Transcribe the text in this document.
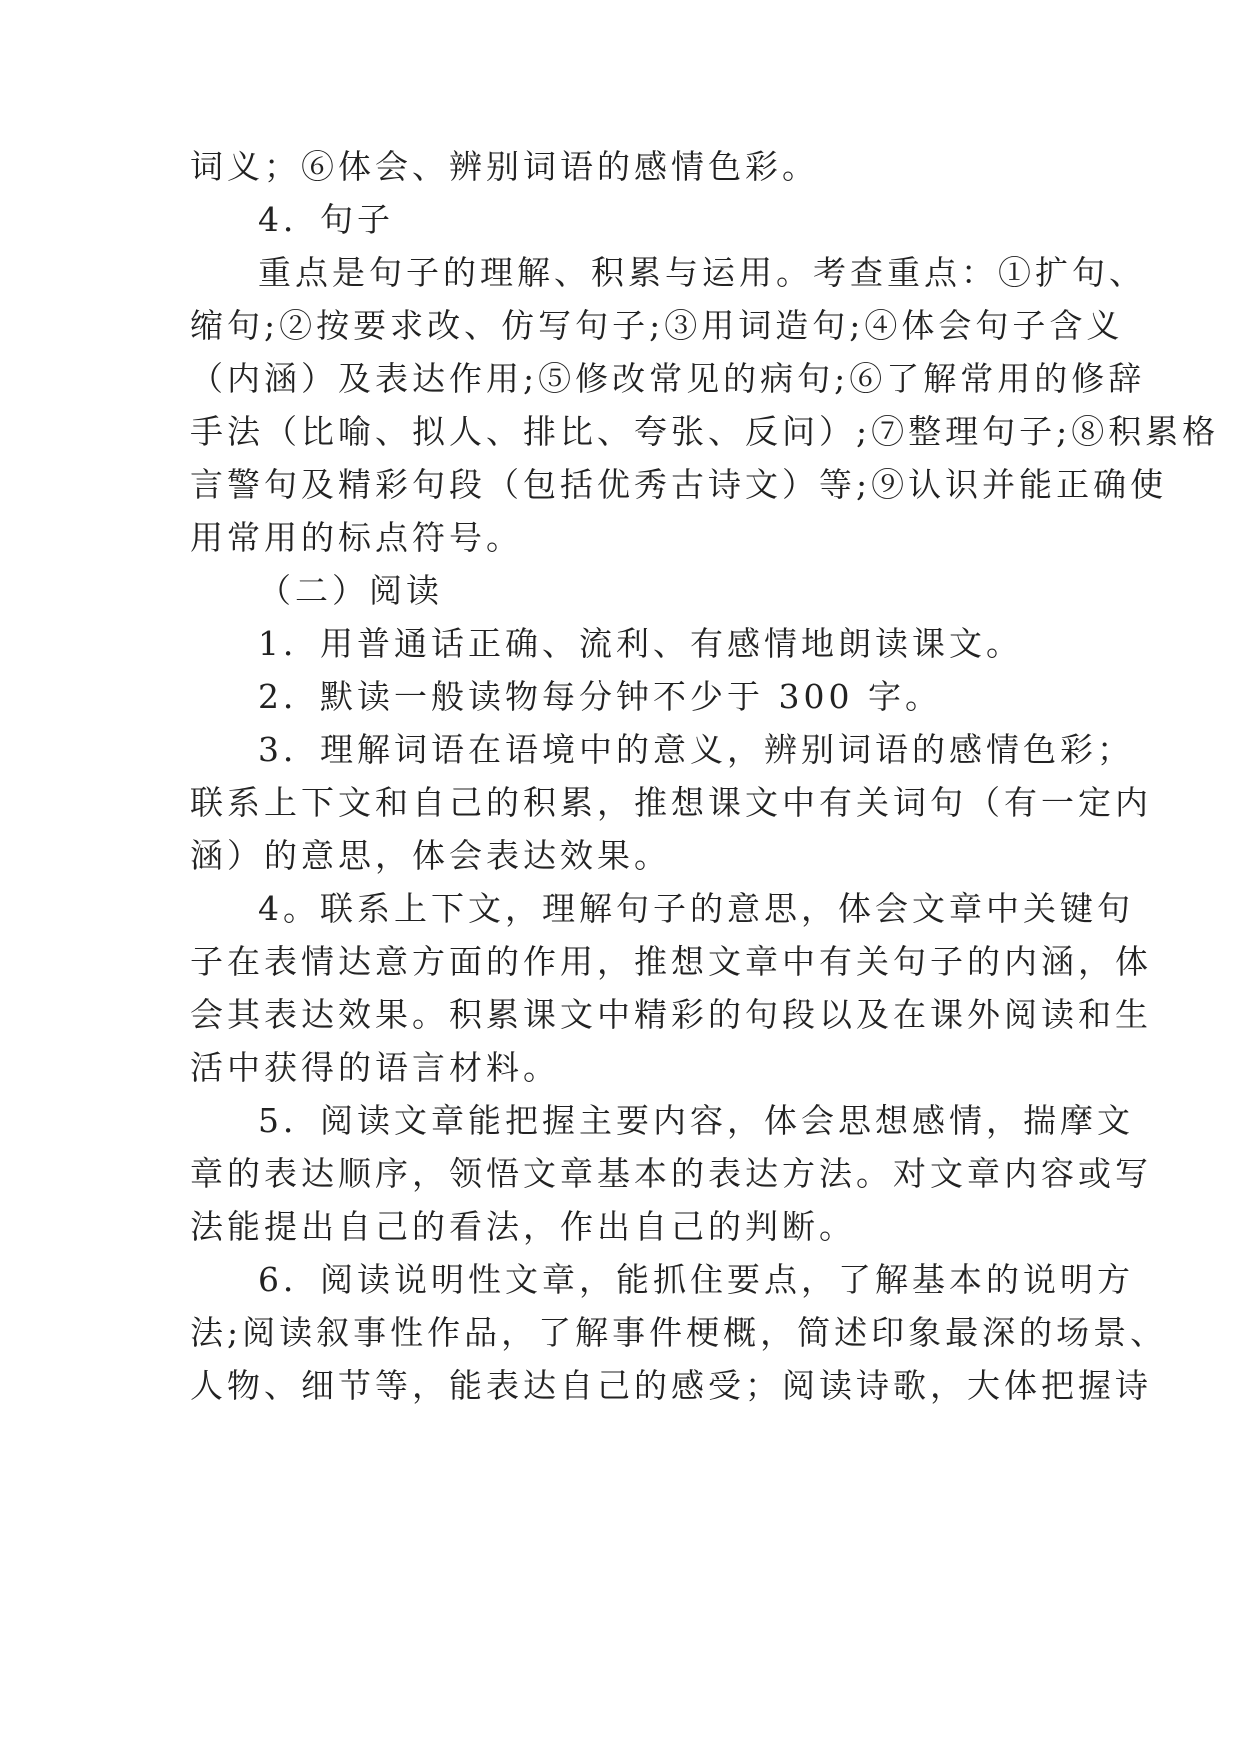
词义；⑥体会、辨别词语的感情色彩。
4．句子
重点是句子的理解、积累与运用。考查重点：①扩句、
缩句;②按要求改、仿写句子;③用词造句;④体会句子含义
（内涵）及表达作用;⑤修改常见的病句;⑥了解常用的修辞
手法（比喻、拟人、排比、夸张、反问）;⑦整理句子;⑧积累格
言警句及精彩句段（包括优秀古诗文）等;⑨认识并能正确使
用常用的标点符号。
（二）阅读
1．用普通话正确、流利、有感情地朗读课文。
2．默读一般读物每分钟不少于 300 字。
3．理解词语在语境中的意义，辨别词语的感情色彩；
联系上下文和自己的积累，推想课文中有关词句（有一定内
涵）的意思，体会表达效果。
4。联系上下文，理解句子的意思，体会文章中关键句
子在表情达意方面的作用，推想文章中有关句子的内涵，体
会其表达效果。积累课文中精彩的句段以及在课外阅读和生
活中获得的语言材料。
5．阅读文章能把握主要内容，体会思想感情，揣摩文
章的表达顺序，领悟文章基本的表达方法。对文章内容或写
法能提出自己的看法，作出自己的判断。
6．阅读说明性文章，能抓住要点，了解基本的说明方
法;阅读叙事性作品，了解事件梗概，简述印象最深的场景、
人物、细节等，能表达自己的感受；阅读诗歌，大体把握诗
